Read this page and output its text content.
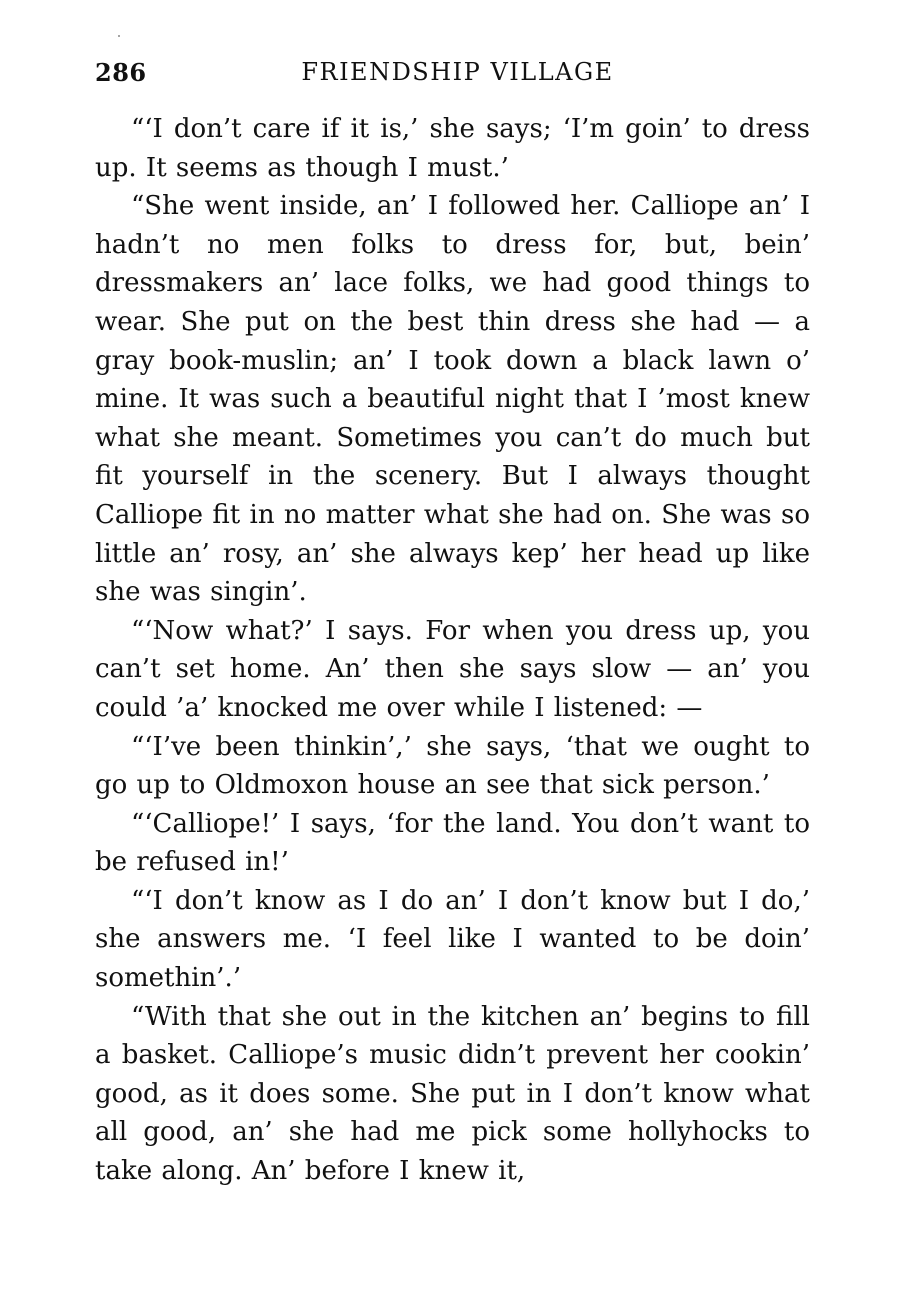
286	FRIENDSHIP VILLAGE

“‘I don’t care if it is,’ she says; ‘I’m goin’ to dress up. It seems as though I must.’

“She went inside, an’ I followed her. Calliope an’ I hadn’t no men folks to dress for, but, bein’ dressmakers an’ lace folks, we had good things to wear. She put on the best thin dress she had — a gray book-muslin; an’ I took down a black lawn o’ mine. It was such a beautiful night that I ’most knew what she meant. Sometimes you can’t do much but fit yourself in the scenery. But I always thought Calliope fit in no matter what she had on. She was so little an’ rosy, an’ she always kep’ her head up like she was singin’.

“‘Now what?’ I says. For when you dress up, you can’t set home. An’ then she says slow — an’ you could ’a’ knocked me over while I listened: —

“‘I’ve been thinkin’,’ she says, ‘that we ought to go up to Oldmoxon house an see that sick person.’

“‘Calliope!’ I says, ‘for the land. You don’t want to be refused in!’

“‘I don’t know as I do an’ I don’t know but I do,’ she answers me. ‘I feel like I wanted to be doin’ somethin’.’

“With that she out in the kitchen an’ begins to fill a basket. Calliope’s music didn’t prevent her cookin’ good, as it does some. She put in I don’t know what all good, an’ she had me pick some hollyhocks to take along. An’ before I knew it,
